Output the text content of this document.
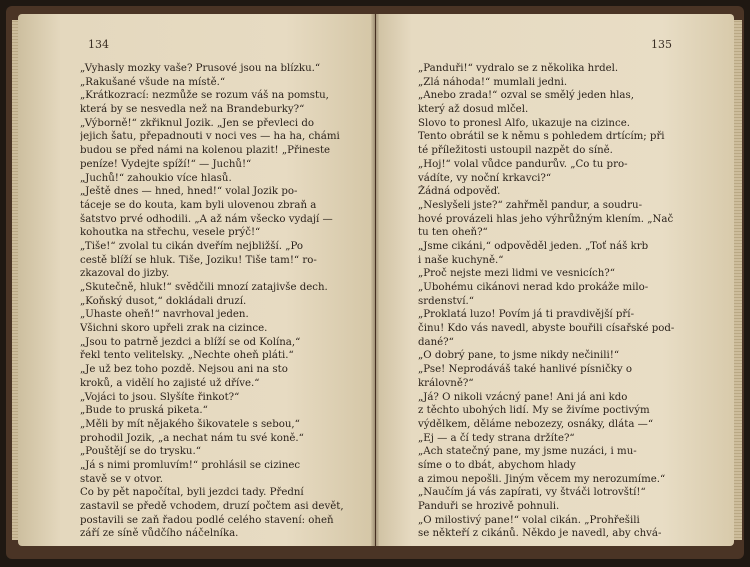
134
„Vyhasly mozky vaše? Prusové jsou na blízku.“
„Rakušané všude na místě.“
„Krátkozrací: nezmůže se rozum váš na pomstu,
která by se nesvedla než na Brandeburky?“
„Výborně!“ zkřiknul Jozik. „Jen se převleci do
jejich šatu, přepadnouti v noci ves — ha ha, chámi
budou se před námi na kolenou plazit! „Přineste
peníze! Vydejte spíží!“ — Juchů!“
„Juchů!“ zahoukio více hlasů.
„Ještě dnes — hned, hned!“ volal Jozik po-
táceje se do kouta, kam byli ulovenou zbraň a
šatstvo prvé odhodili. „A až nám všecko vydají —
kohoutka na střechu, vesele prýč!“
„Tiše!“ zvolal tu cikán dveřím nejbližší. „Po
cestě blíží se hluk. Tiše, Joziku! Tiše tam!“ ro-
zkazoval do jizby.
„Skutečně, hluk!“ svědčili mnozí zatajivše dech.
„Koňský dusot,“ dokládali druzí.
„Uhaste oheň!“ navrhoval jeden.
Všichni skoro upřeli zrak na cizince.
„Jsou to patrně jezdci a blíží se od Kolína,“
řekl tento velitelsky. „Nechte oheň pláti.“
„Je už bez toho pozdě. Nejsou ani na sto
kroků, a vidělí ho zajisté už dříve.“
„Vojáci to jsou. Slyšíte řinkot?“
„Bude to pruská piketa.“
„Měli by mít nějakého šikovatele s sebou,“
prohodil Jozik, „a nechat nám tu své koně.“
„Pouštějí se do trysku.“
„Já s nimi promluvím!“ prohlásil se cizinec
stavě se v otvor.
Co by pět napočítal, byli jezdci tady. Přední
zastavil se předě vchodem, druzí počtem asi devět,
postavili se zaň řadou podlé celého stavení: oheň
září ze síně vůdčího náčelníka.
135
„Panduři!“ vydralo se z několika hrdel.
„Zlá náhoda!“ mumlali jedni.
„Anebo zrada!“ ozval se smělý jeden hlas,
který až dosud mlčel.
Slovo to pronesl Alfo, ukazuje na cizince.
Tento obrátil se k němu s pohledem drtícím; při
té příležitosti ustoupil nazpět do síně.
„Hoj!“ volal vůdce pandurův. „Co tu pro-
vádíte, vy noční krkavci?“
Žádná odpověď.
„Neslyšeli jste?“ zahřměl pandur, a soudru-
hové provázeli hlas jeho výhrůžným klením. „Nač
tu ten oheň?“
„Jsme cikáni,“ odpověděl jeden. „Toť náš krb
i naše kuchyně.“
„Proč nejste mezi lidmi ve vesnicích?“
„Ubohému cikánovi nerad kdo prokáže milo-
srdenství.“
„Proklatá luzo! Povím já ti pravdivější pří-
činu! Kdo vás navedl, abyste bouřili císařské pod-
dané?“
„O dobrý pane, to jsme nikdy nečinili!“
„Pse! Neprodáváš také hanlivé písničky o
královně?“
„Já? O nikoli vzácný pane! Ani já ani kdo
z těchto ubohých lidí. My se živíme poctivým
výdělkem, děláme nebozezy, osnáky, dláta —“
„Ej — a čí tedy strana držíte?“
„Ach statečný pane, my jsme nuzáci, i mu-
síme o to dbát, abychom hlady
a zimou nepošli. Jiným věcem my nerozumíme.“
„Naučím já vás zapírati, vy štváči lotrovští!“
Panduři se hrozivě pohnuli.
„O milostivý pane!“ volal cikán. „Prohřešili
se někteří z cikánů. Někdo je navedl, aby chvá-
